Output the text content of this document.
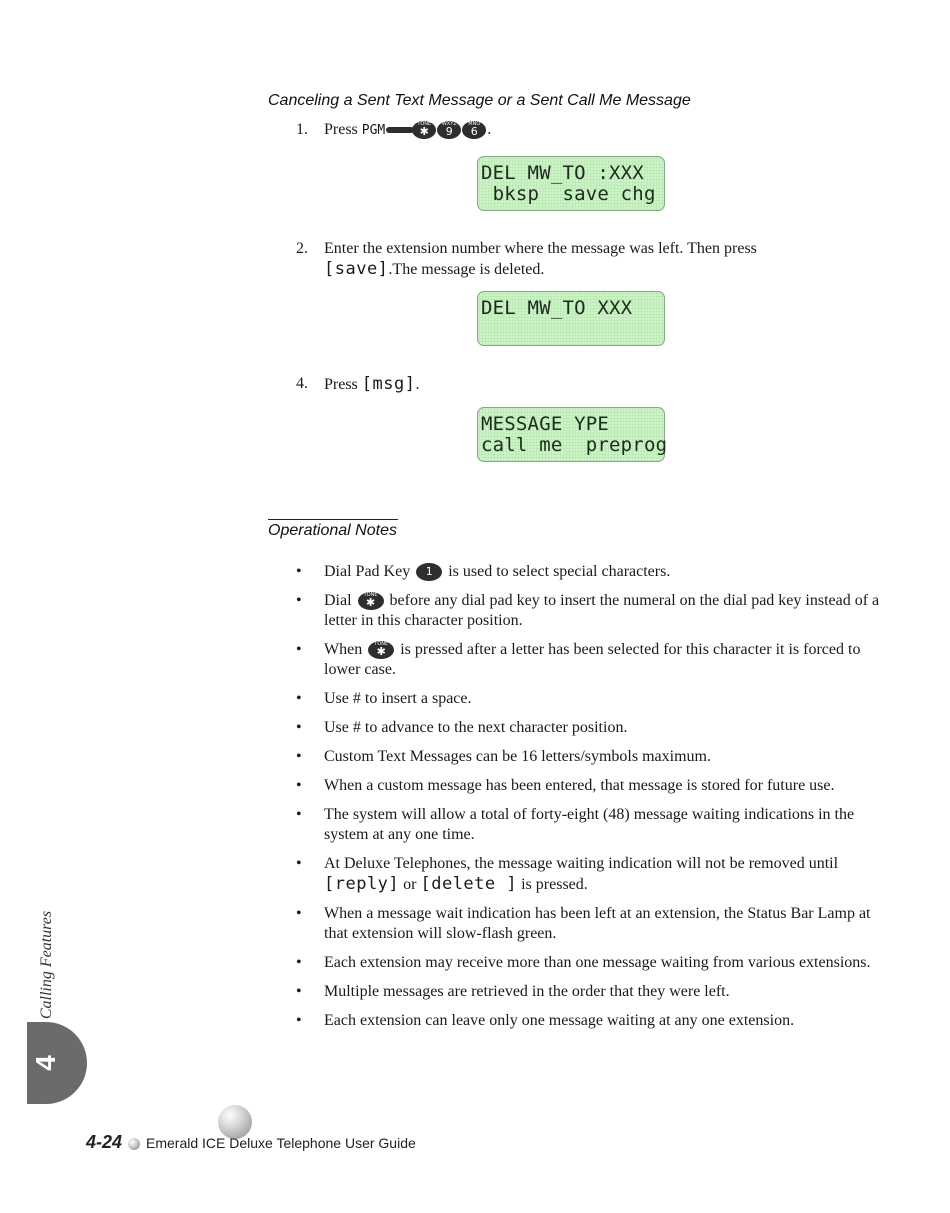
Canceling a Sent Text Message or a Sent Call Me Message
1.	Press PGM	TONE
✱
WXYZ
9
MNO
6 .
DEL MW_TO :XXX
bksp  save chg
2.	Enter the extension number where the message was left. Then press
[save].The message is deleted.
DEL MW_TO XXX
4.	Press [msg].
MESSAGE YPE
call me  preprog
Operational Notes
• Dial Pad Key	1 is used to select special characters.
• Dial	TONE
✱ before any dial pad key to insert the numeral on the dial pad key instead of a letter in this character position.
• When	TONE
✱ is pressed after a letter has been selected for this character it is forced to lower case.
• Use # to insert a space.
• Use # to advance to the next character position.
• Custom Text Messages can be 16 letters/symbols maximum.
• When a custom message has been entered, that message is stored for future use.
• The system will allow a total of forty-eight (48) message waiting indications in the system at any one time.
• At Deluxe Telephones, the message waiting indication will not be removed until [reply] or [delete ] is pressed.
• When a message wait indication has been left at an extension, the Status Bar Lamp at that extension will slow-flash green.
• Each extension may receive more than one message waiting from various extensions.
• Multiple messages are retrieved in the order that they were left.
• Each extension can leave only one message waiting at any one extension.
Calling Features
4
4-24 Emerald ICE Deluxe Telephone User Guide
